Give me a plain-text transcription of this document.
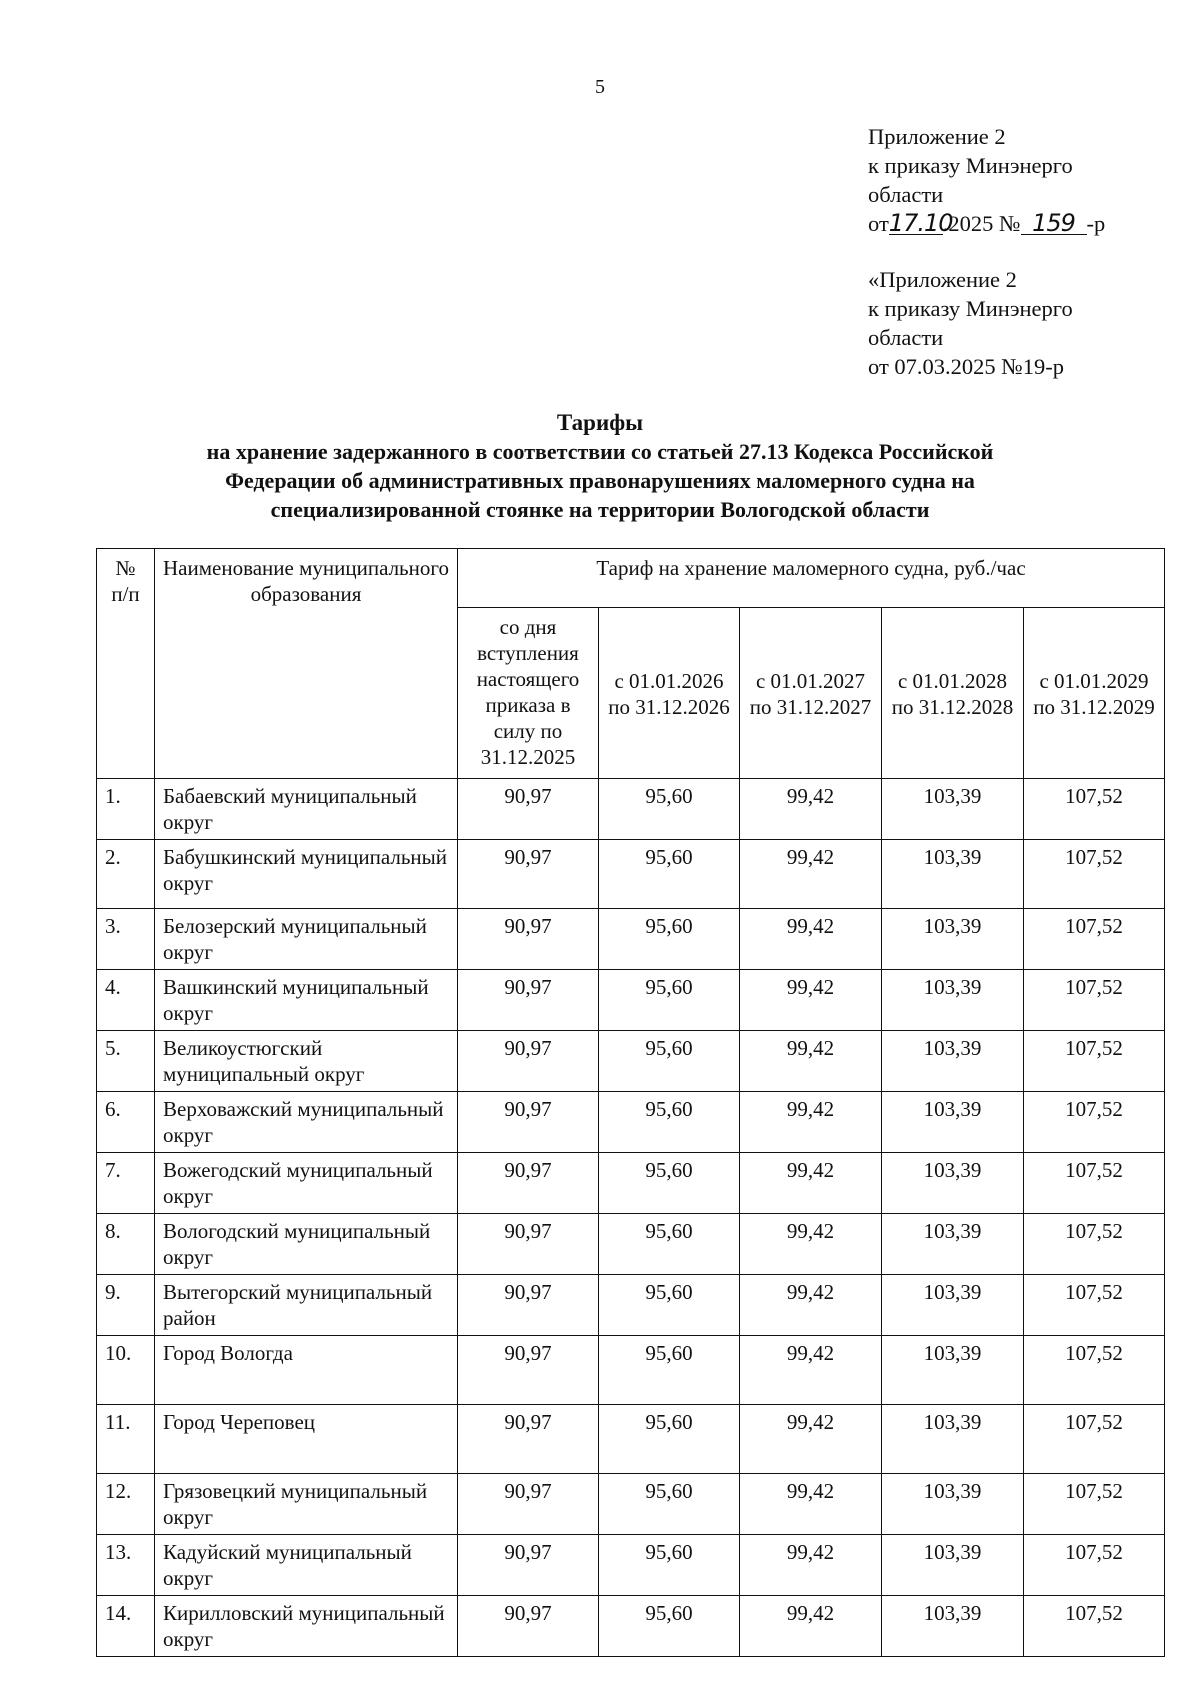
5
Приложение 2
к приказу Минэнерго
области
от17.10.2025 № 159 -р
«Приложение 2
к приказу Минэнерго
области
от 07.03.2025 №19-р
Тарифы
на хранение задержанного в соответствии со статьей 27.13 Кодекса Российской
Федерации об административных правонарушениях маломерного судна на
специализированной стоянке на территории Вологодской области
№ п/п	Наименование муниципального образования	Тариф на хранение маломерного судна, руб./час				
		со дня вступления настоящего приказа в силу по 31.12.2025	с 01.01.2026 по 31.12.2026	с 01.01.2027 по 31.12.2027	с 01.01.2028 по 31.12.2028	с 01.01.2029 по 31.12.2029
1.	Бабаевский муниципальный округ	90,97	95,60	99,42	103,39	107,52
2.	Бабушкинский муниципальный округ	90,97	95,60	99,42	103,39	107,52
3.	Белозерский муниципальный округ	90,97	95,60	99,42	103,39	107,52
4.	Вашкинский муниципальный округ	90,97	95,60	99,42	103,39	107,52
5.	Великоустюгский муниципальный округ	90,97	95,60	99,42	103,39	107,52
6.	Верховажский муниципальный округ	90,97	95,60	99,42	103,39	107,52
7.	Вожегодский муниципальный округ	90,97	95,60	99,42	103,39	107,52
8.	Вологодский муниципальный округ	90,97	95,60	99,42	103,39	107,52
9.	Вытегорский муниципальный район	90,97	95,60	99,42	103,39	107,52
10.	Город Вологда	90,97	95,60	99,42	103,39	107,52
11.	Город Череповец	90,97	95,60	99,42	103,39	107,52
12.	Грязовецкий муниципальный округ	90,97	95,60	99,42	103,39	107,52
13.	Кадуйский муниципальный округ	90,97	95,60	99,42	103,39	107,52
14.	Кирилловский муниципальный округ	90,97	95,60	99,42	103,39	107,52
